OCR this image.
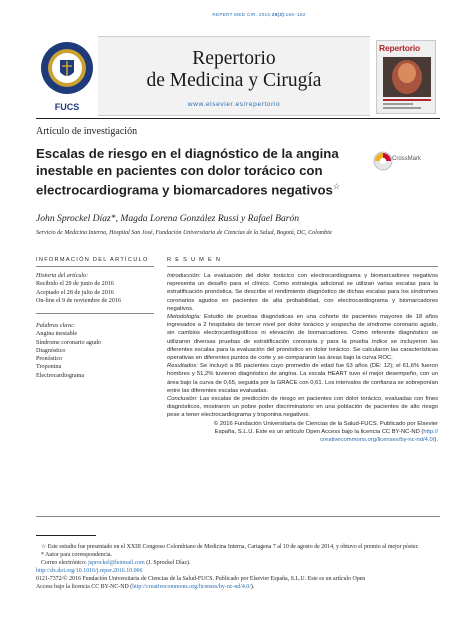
REPERT MED CIR. 2016;25(3):156–162
FUCS
Repertorio
de Medicina y Cirugía
www.elsevier.es/repertorio
Repertorio
Artículo de investigación
Escalas de riesgo en el diagnóstico de la angina
inestable en pacientes con dolor torácico con
electrocardiograma y biomarcadores negativos☆
CrossMark
John Sprockel Díaz*, Magda Lorena González Russi y Rafael Barón
Servicio de Medicina Interna, Hospital San José, Fundación Universitaria de Ciencias de la Salud, Bogotá, DC, Colombia
INFORMACIÓN DEL ARTÍCULO	R E S U M E N
Historia del artículo:
Recibido el 29 de junio de 2016
Aceptado el 28 de julio de 2016
On-line el 9 de noviembre de 2016
Palabras clave:
Angina inestable
Síndrome coronario agudo
Diagnóstico
Pronóstico
Troponina
Electrocardiograma

Introducción: La evaluación del dolor torácico con electrocardiograma y biomarcadores negativos representa un desafío para el clínico. Como estrategia adicional se utilizan varias escalas para la estratificación pronóstica. Se describe el rendimiento diagnóstico de dichas escalas para los síndromes coronarios agudos en pacientes de alta probabilidad, con electrocardiograma y biomarcadores negativos.

Metodología: Estudio de pruebas diagnósticas en una cohorte de pacientes mayores de 18 años ingresados a 2 hospitales de tercer nivel por dolor torácico y sospecha de síndrome coronario agudo, sin cambios electrocardiográficos ni elevación de biomarcadores. Como referente diagnóstico se utilizaron diversas pruebas de estratificación coronaria y para la prueba índice se incluyeron las diferentes escalas para la evaluación del pronóstico en dolor torácico. Se calcularon las características operativas en diferentes puntos de corte y se compararon las áreas bajo la curva ROC.

Resultados: Se incluyó a 86 pacientes cuyo promedio de edad fue 63 años (DE: 12); el 61,6% fueron hombres y 51,2% tuvieron diagnóstico de angina. La escala HEART tuvo el mejor desempeño, con un área bajo la curva de 0,65, seguida por la GRACE con 0,61. Los intervalos de confianza se sobreponían entre las diferentes escalas evaluadas.

Conclusión: Las escalas de predicción de riesgo en pacientes con dolor torácico, evaluadas con fines diagnósticos, mostraron un pobre poder discriminatorio en una población de pacientes de alto riesgo pese a tener electrocardiograma y troponina negativos.

© 2016 Fundación Universitaria de Ciencias de la Salud-FUCS. Publicado por Elsevier
España, S.L.U. Este es un artículo Open Access bajo la licencia CC BY-NC-ND (http://
creativecommons.org/licenses/by-nc-nd/4.0/).

☆ Este estudio fue presentado en el XXIII Congreso Colombiano de Medicina Interna, Cartagena 7 al 10 de agosto de 2014, y obtuvo el premio al mejor póster.
* Autor para correspondencia.
Correo electrónico: jsprockel@hotmail.com (J. Sprockel Díaz).
http://dx.doi.org/10.1016/j.reper.2016.10.006
0121-7372/© 2016 Fundación Universitaria de Ciencias de la Salud-FUCS. Publicado por Elsevier España, S.L.U. Este es un artículo Open
Access bajo la licencia CC BY-NC-ND (http://creativecommons.org/licenses/by-nc-nd/4.0/).
